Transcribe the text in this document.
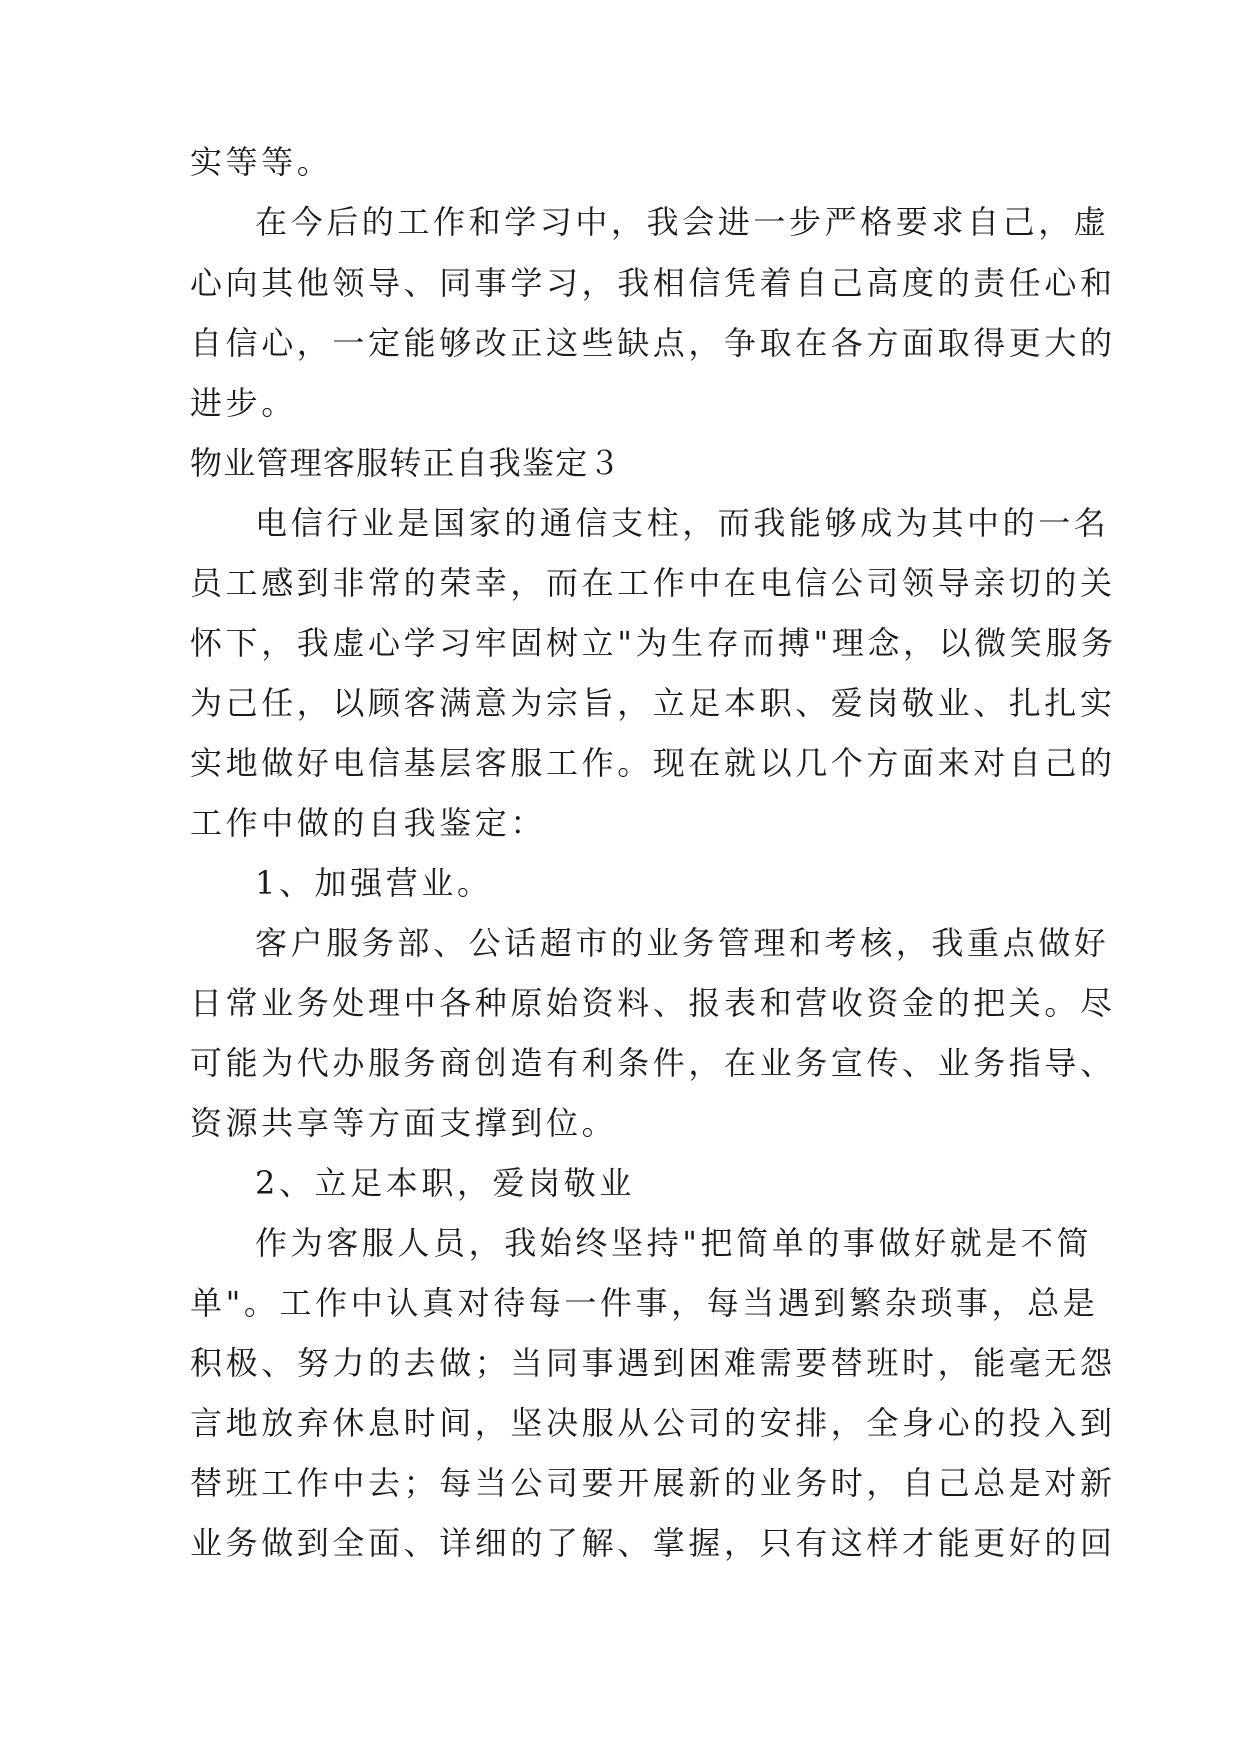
实等等。
在今后的工作和学习中，我会进一步严格要求自己，虚
心向其他领导、同事学习，我相信凭着自己高度的责任心和
自信心，一定能够改正这些缺点，争取在各方面取得更大的
进步。
物业管理客服转正自我鉴定３
电信行业是国家的通信支柱，而我能够成为其中的一名
员工感到非常的荣幸，而在工作中在电信公司领导亲切的关
怀下，我虚心学习牢固树立"为生存而搏"理念，以微笑服务
为己任，以顾客满意为宗旨，立足本职、爱岗敬业、扎扎实
实地做好电信基层客服工作。现在就以几个方面来对自己的
工作中做的自我鉴定：
1、加强营业。
客户服务部、公话超市的业务管理和考核，我重点做好
日常业务处理中各种原始资料、报表和营收资金的把关。尽
可能为代办服务商创造有利条件，在业务宣传、业务指导、
资源共享等方面支撑到位。
2、立足本职，爱岗敬业
作为客服人员，我始终坚持"把简单的事做好就是不简
单"。工作中认真对待每一件事，每当遇到繁杂琐事，总是
积极、努力的去做；当同事遇到困难需要替班时，能毫无怨
言地放弃休息时间，坚决服从公司的安排，全身心的投入到
替班工作中去；每当公司要开展新的业务时，自己总是对新
业务做到全面、详细的了解、掌握，只有这样才能更好的回
